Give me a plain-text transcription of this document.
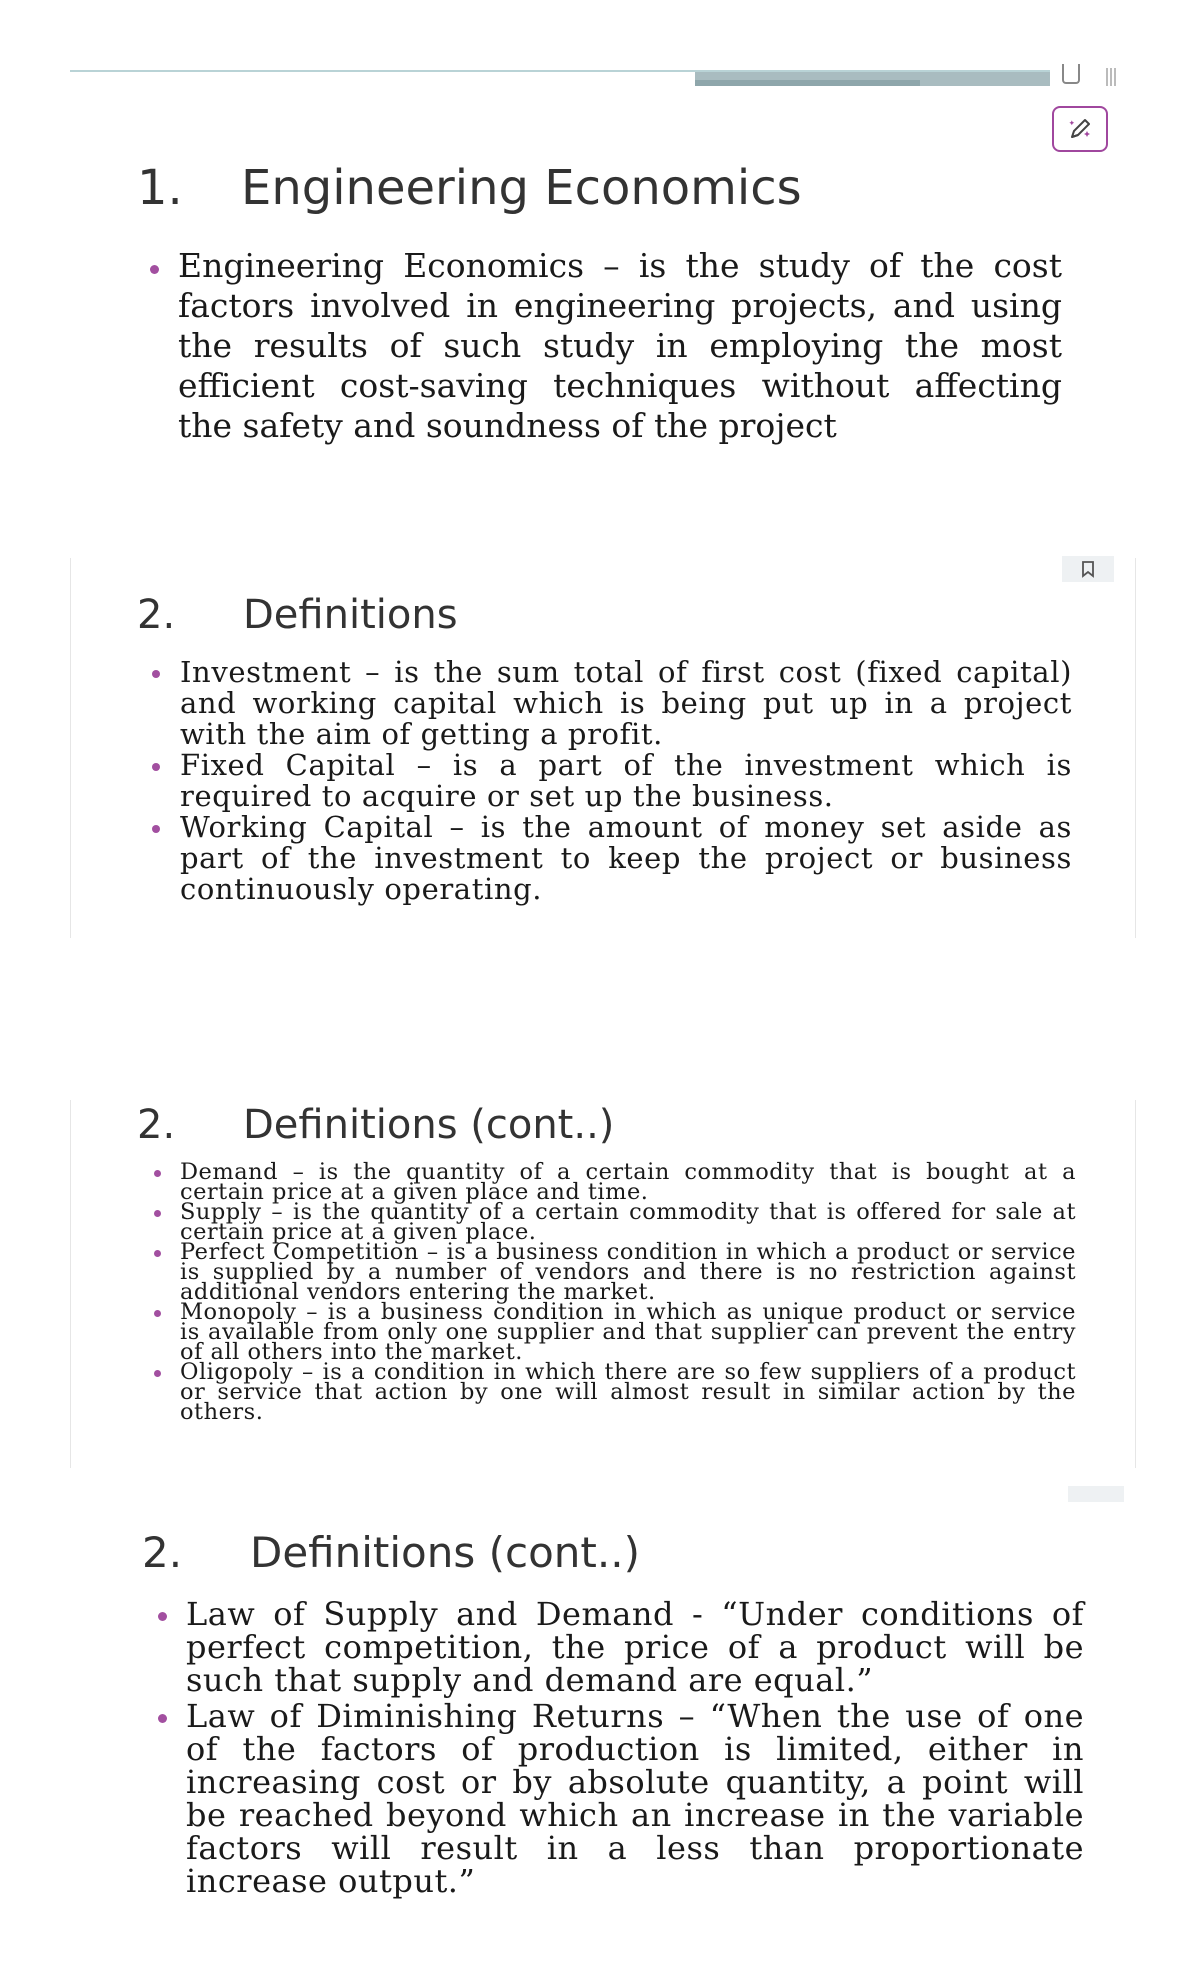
1. Engineering Economics
Engineering Economics – is the study of the cost factors involved in engineering projects, and using the results of such study in employing the most efficient cost-saving techniques without affecting the safety and soundness of the project
2. Definitions
Investment – is the sum total of first cost (fixed capital) and working capital which is being put up in a project with the aim of getting a profit.
Fixed Capital – is a part of the investment which is required to acquire or set up the business.
Working Capital – is the amount of money set aside as part of the investment to keep the project or business continuously operating.
2. Definitions (cont..)
Demand – is the quantity of a certain commodity that is bought at a certain price at a given place and time.
Supply – is the quantity of a certain commodity that is offered for sale at certain price at a given place.
Perfect Competition – is a business condition in which a product or service is supplied by a number of vendors and there is no restriction against additional vendors entering the market.
Monopoly – is a business condition in which as unique product or service is available from only one supplier and that supplier can prevent the entry of all others into the market.
Oligopoly – is a condition in which there are so few suppliers of a product or service that action by one will almost result in similar action by the others.
2. Definitions (cont..)
Law of Supply and Demand - “Under conditions of perfect competition, the price of a product will be such that supply and demand are equal.”
Law of Diminishing Returns – “When the use of one of the factors of production is limited, either in increasing cost or by absolute quantity, a point will be reached beyond which an increase in the variable factors will result in a less than proportionate increase output.”
